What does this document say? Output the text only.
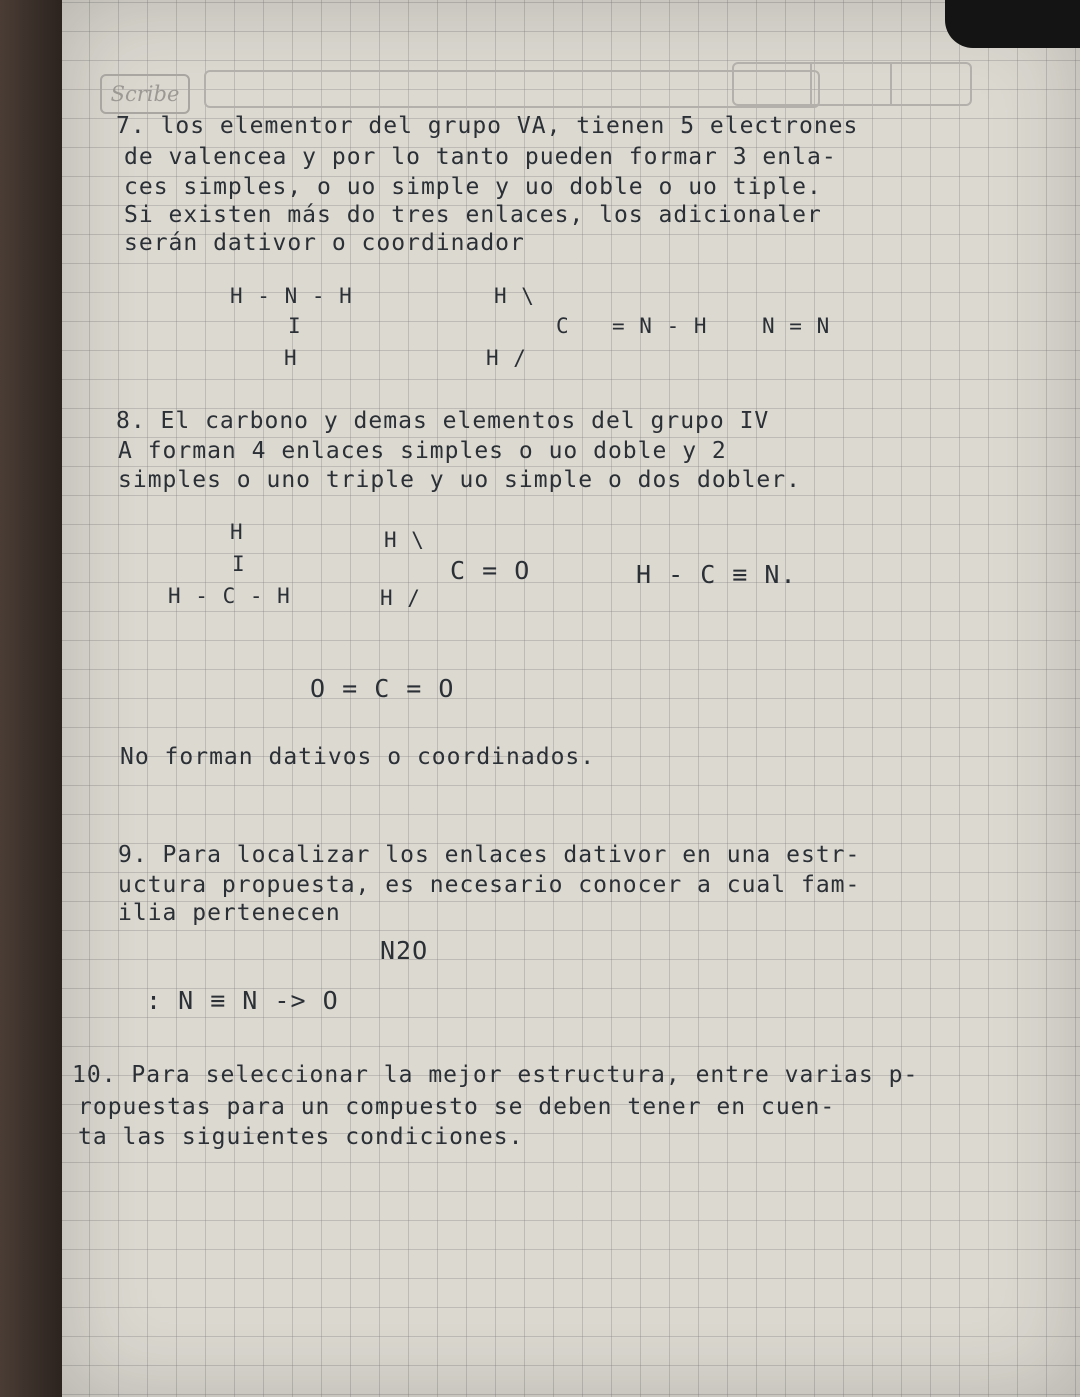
Scribe
7. los elementor del grupo VA, tienen 5 electrones
de valencea y por lo tanto pueden formar 3 enla-
ces simples, o uo simple y uo doble o uo tiple.
Si existen más do tres enlaces, los adicionaler
serán dativor o coordinador
H - N - H
I
H
H \
C = N - H
H /
N = N
8. El carbono y demas elementos del grupo IV
A forman 4 enlaces simples o uo doble y 2
simples o uno triple y uo simple o dos dobler.
H
I
H - C - H
H \
C = O
H /
H - C ≡ N.
O = C = O
No forman dativos o coordinados.
9. Para localizar los enlaces dativor en una estr-
uctura propuesta, es necesario conocer a cual fam-
ilia pertenecen
N2O
: N ≡ N -> O
10. Para seleccionar la mejor estructura, entre varias p-
ropuestas para un compuesto se deben tener en cuen-
ta las siguientes condiciones.
